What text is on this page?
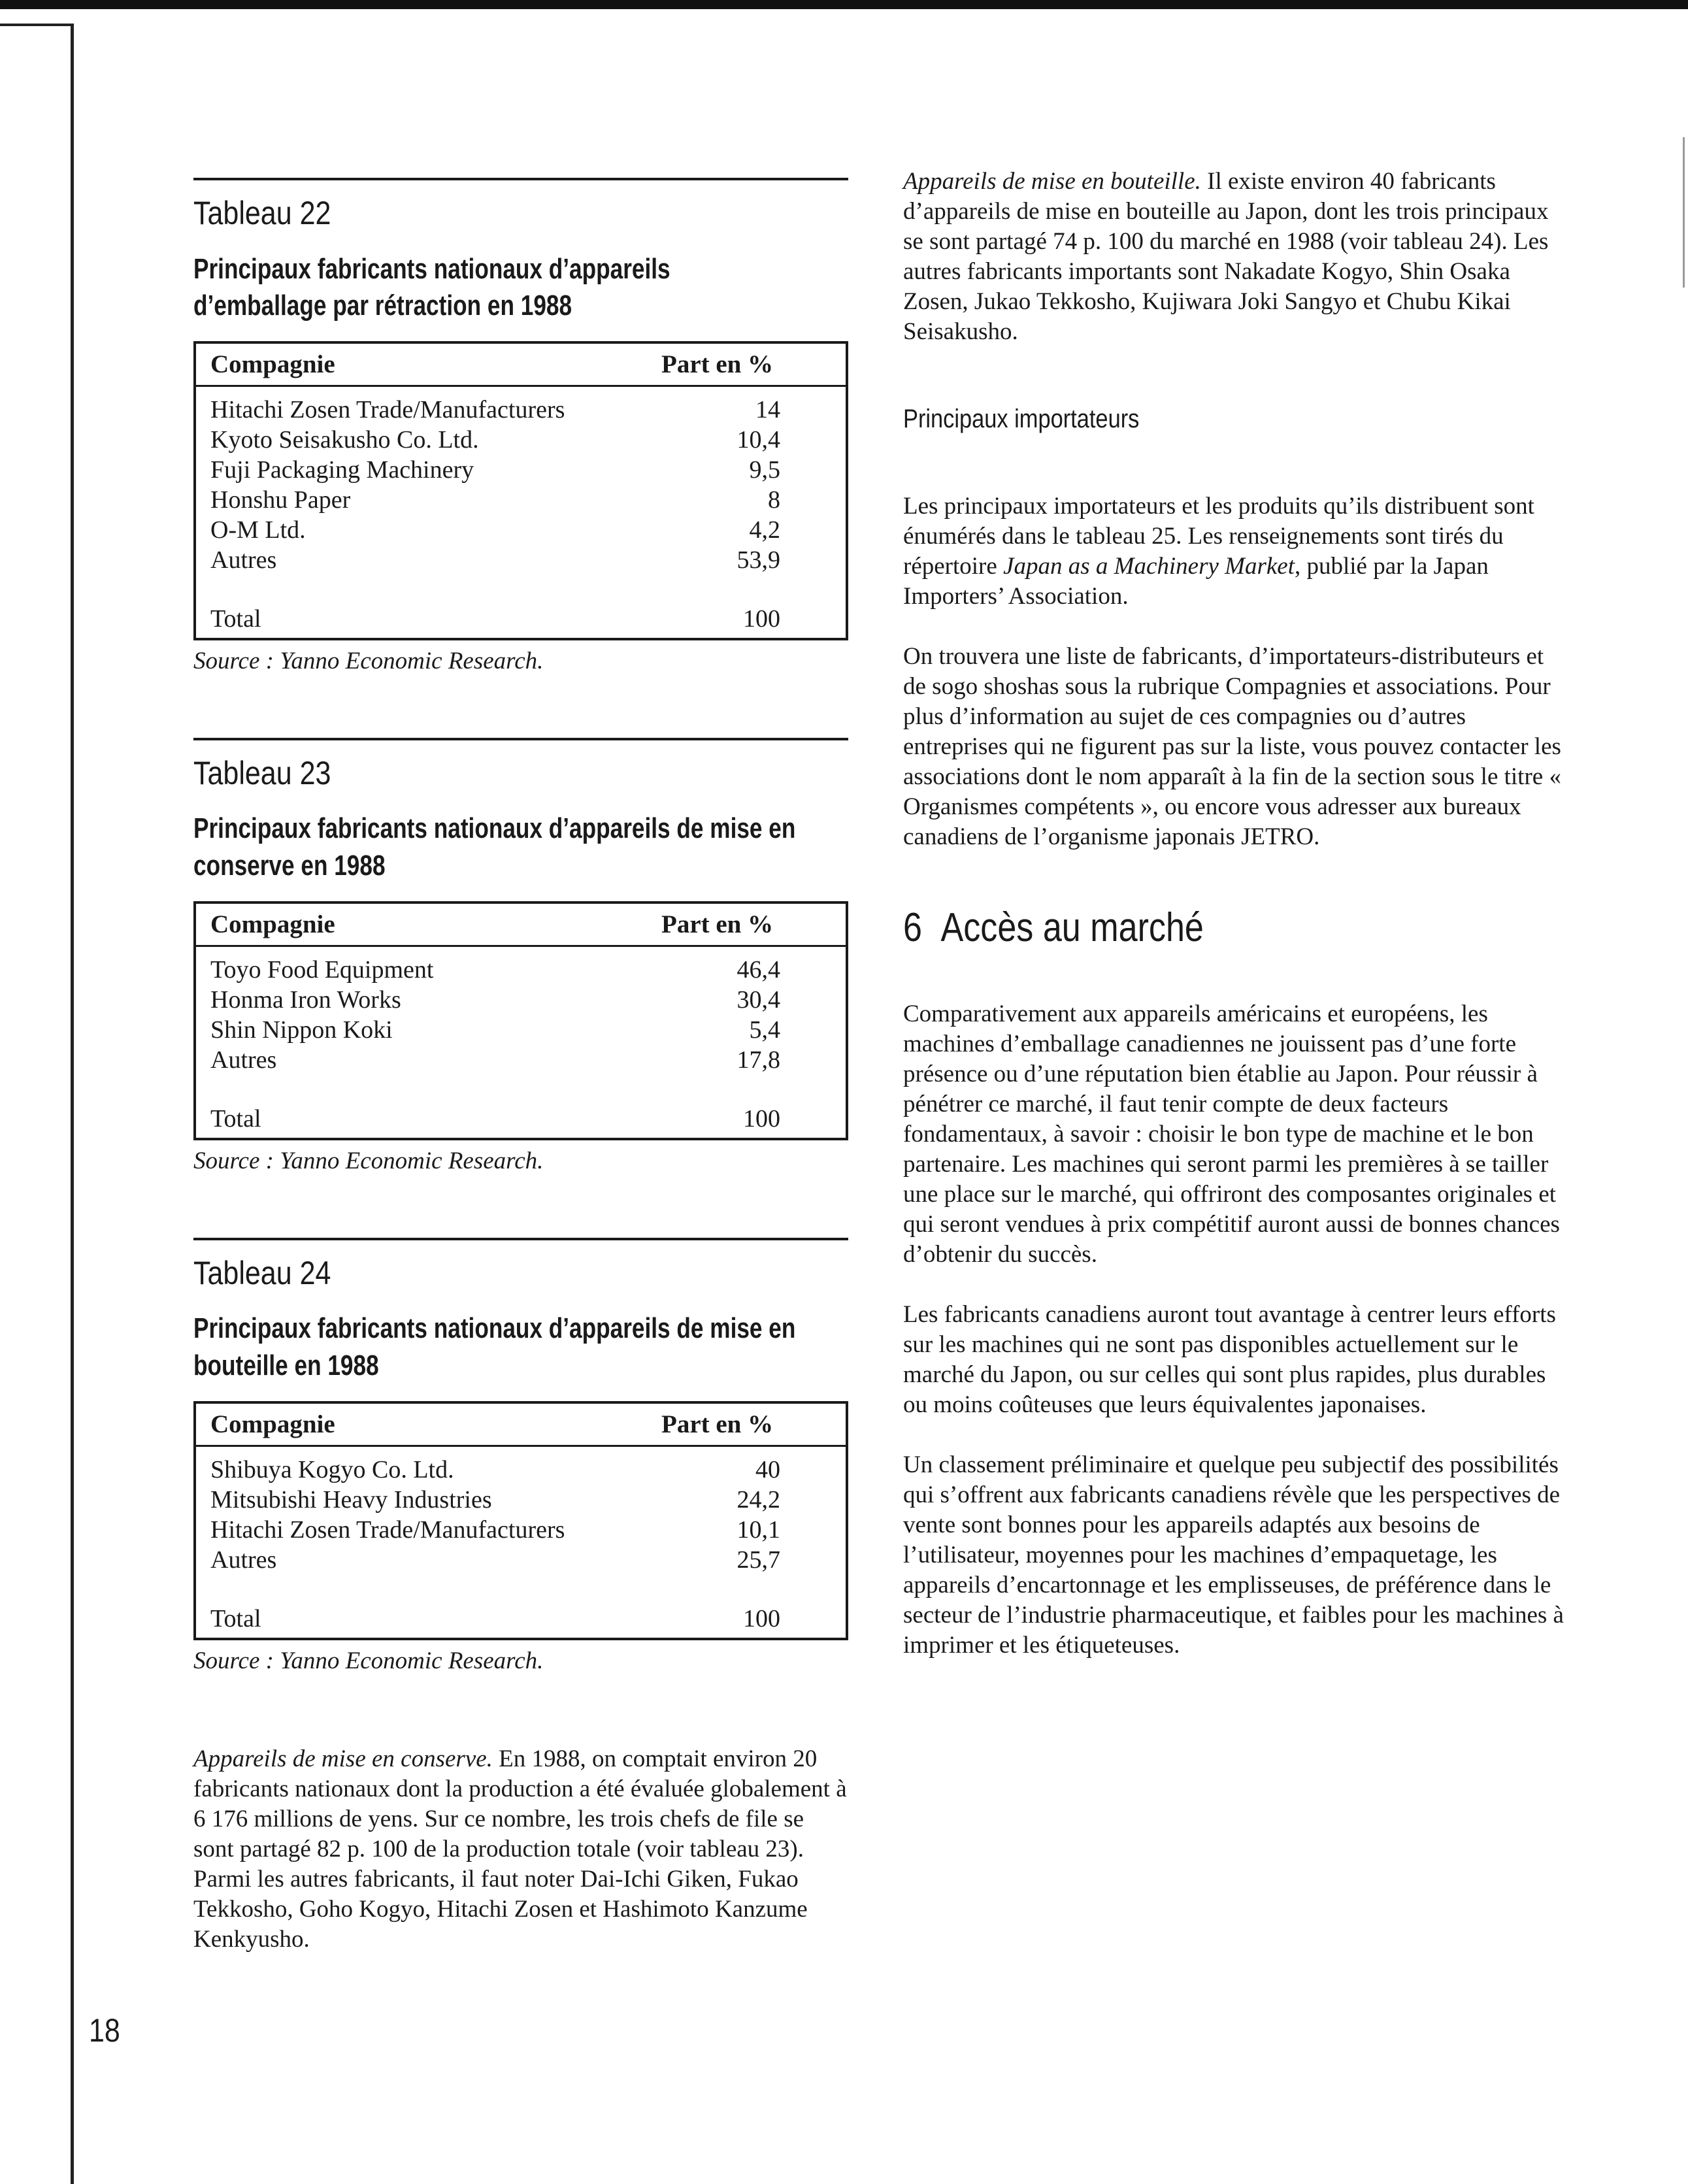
Tableau 22
Principaux fabricants nationaux d’appareils d’emballage par rétraction en 1988
Compagnie	Part en %
Hitachi Zosen Trade/Manufacturers	14
Kyoto Seisakusho Co. Ltd.	10,4
Fuji Packaging Machinery	9,5
Honshu Paper	8
O-M Ltd.	4,2
Autres	53,9
Total	100
Source : Yanno Economic Research.
Tableau 23
Principaux fabricants nationaux d’appareils de mise en conserve en 1988
Compagnie	Part en %
Toyo Food Equipment	46,4
Honma Iron Works	30,4
Shin Nippon Koki	5,4
Autres	17,8
Total	100
Source : Yanno Economic Research.
Tableau 24
Principaux fabricants nationaux d’appareils de mise en bouteille en 1988
Compagnie	Part en %
Shibuya Kogyo Co. Ltd.	40
Mitsubishi Heavy Industries	24,2
Hitachi Zosen Trade/Manufacturers	10,1
Autres	25,7
Total	100
Source : Yanno Economic Research.

Appareils de mise en conserve. En 1988, on comptait environ 20 fabricants nationaux dont la production a été évaluée globalement à 6 176 millions de yens. Sur ce nombre, les trois chefs de file se sont partagé 82 p. 100 de la production totale (voir tableau 23). Parmi les autres fabricants, il faut noter Dai-Ichi Giken, Fukao Tekkosho, Goho Kogyo, Hitachi Zosen et Hashimoto Kanzume Kenkyusho.

Appareils de mise en bouteille. Il existe environ 40 fabricants d’appareils de mise en bouteille au Japon, dont les trois principaux se sont partagé 74 p. 100 du marché en 1988 (voir tableau 24). Les autres fabricants importants sont Nakadate Kogyo, Shin Osaka Zosen, Jukao Tekkosho, Kujiwara Joki Sangyo et Chubu Kikai Seisakusho.

Principaux importateurs

Les principaux importateurs et les produits qu’ils distribuent sont énumérés dans le tableau 25. Les renseignements sont tirés du répertoire Japan as a Machinery Market, publié par la Japan Importers’ Association.

On trouvera une liste de fabricants, d’importateurs-distributeurs et de sogo shoshas sous la rubrique Compagnies et associations. Pour plus d’information au sujet de ces compagnies ou d’autres entreprises qui ne figurent pas sur la liste, vous pouvez contacter les associations dont le nom apparaît à la fin de la section sous le titre « Organismes compétents », ou encore vous adresser aux bureaux canadiens de l’organisme japonais JETRO.

6 Accès au marché

Comparativement aux appareils américains et européens, les machines d’emballage canadiennes ne jouissent pas d’une forte présence ou d’une réputation bien établie au Japon. Pour réussir à pénétrer ce marché, il faut tenir compte de deux facteurs fondamentaux, à savoir : choisir le bon type de machine et le bon partenaire. Les machines qui seront parmi les premières à se tailler une place sur le marché, qui offriront des composantes originales et qui seront vendues à prix compétitif auront aussi de bonnes chances d’obtenir du succès.

Les fabricants canadiens auront tout avantage à centrer leurs efforts sur les machines qui ne sont pas disponibles actuellement sur le marché du Japon, ou sur celles qui sont plus rapides, plus durables ou moins coûteuses que leurs équivalentes japonaises.

Un classement préliminaire et quelque peu subjectif des possibilités qui s’offrent aux fabricants canadiens révèle que les perspectives de vente sont bonnes pour les appareils adaptés aux besoins de l’utilisateur, moyennes pour les machines d’empaquetage, les appareils d’encartonnage et les emplisseuses, de préférence dans le secteur de l’industrie pharmaceutique, et faibles pour les machines à imprimer et les étiqueteuses.

18
